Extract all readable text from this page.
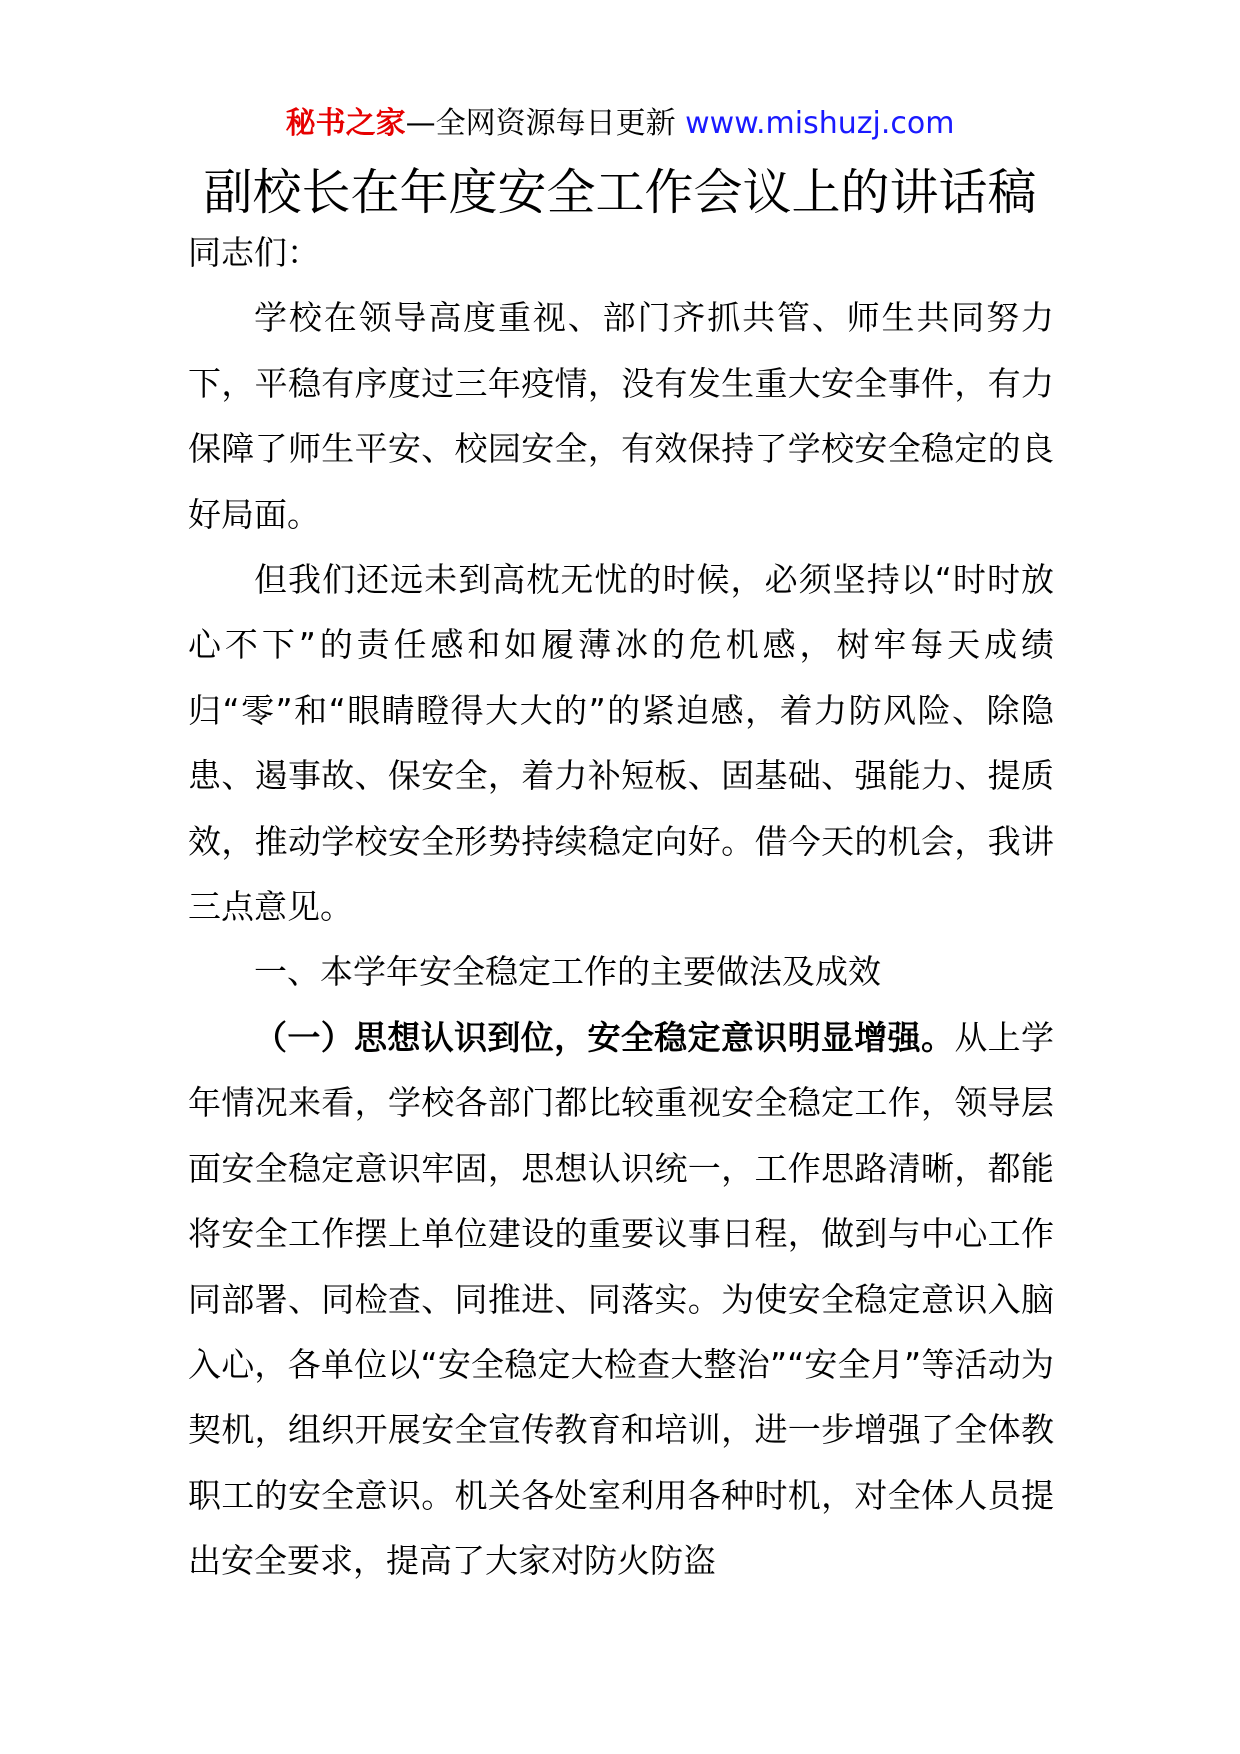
秘书之家—全网资源每日更新 www.mishuzj.com
副校长在年度安全工作会议上的讲话稿

同志们：

学校在领导高度重视、部门齐抓共管、师生共同努力下，平稳有序度过三年疫情，没有发生重大安全事件，有力保障了师生平安、校园安全，有效保持了学校安全稳定的良好局面。

但我们还远未到高枕无忧的时候，必须坚持以“时时放心不下”的责任感和如履薄冰的危机感，树牢每天成绩归“零”和“眼睛瞪得大大的”的紧迫感，着力防风险、除隐患、遏事故、保安全，着力补短板、固基础、强能力、提质效，推动学校安全形势持续稳定向好。借今天的机会，我讲三点意见。

一、本学年安全稳定工作的主要做法及成效

（一）思想认识到位，安全稳定意识明显增强。从上学年情况来看，学校各部门都比较重视安全稳定工作，领导层面安全稳定意识牢固，思想认识统一，工作思路清晰，都能将安全工作摆上单位建设的重要议事日程，做到与中心工作同部署、同检查、同推进、同落实。为使安全稳定意识入脑入心，各单位以“安全稳定大检查大整治”“安全月”等活动为契机，组织开展安全宣传教育和培训，进一步增强了全体教职工的安全意识。机关各处室利用各种时机，对全体人员提出安全要求，提高了大家对防火防盗
